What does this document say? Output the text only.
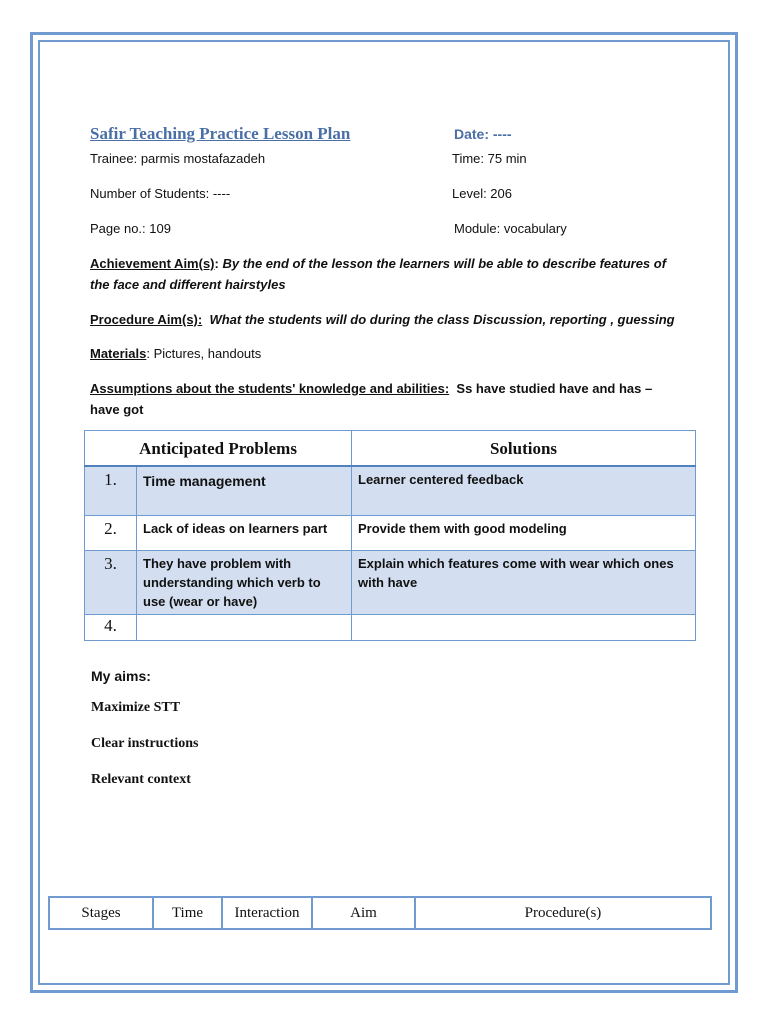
Safir Teaching Practice Lesson Plan	Date: ----
Trainee: parmis mostafazadeh	Time: 75 min
Number of Students: ----	Level: 206
Page no.: 109	Module: vocabulary
Achievement Aim(s): By the end of the lesson the learners will be able to describe features of the face and different hairstyles
Procedure Aim(s): What the students will do during the class Discussion, reporting , guessing
Materials: Pictures, handouts
Assumptions about the students' knowledge and abilities: Ss have studied have and has – have got
Anticipated Problems		Solutions
1.	Time management	Learner centered feedback
2.	Lack of ideas on learners part	Provide them with good modeling
3.	They have problem with understanding which verb to use (wear or have)	Explain which features come with wear which ones with have
4.		
My aims:
Maximize STT
Clear instructions
Relevant context
Stages	Time	Interaction	Aim	Procedure(s)
